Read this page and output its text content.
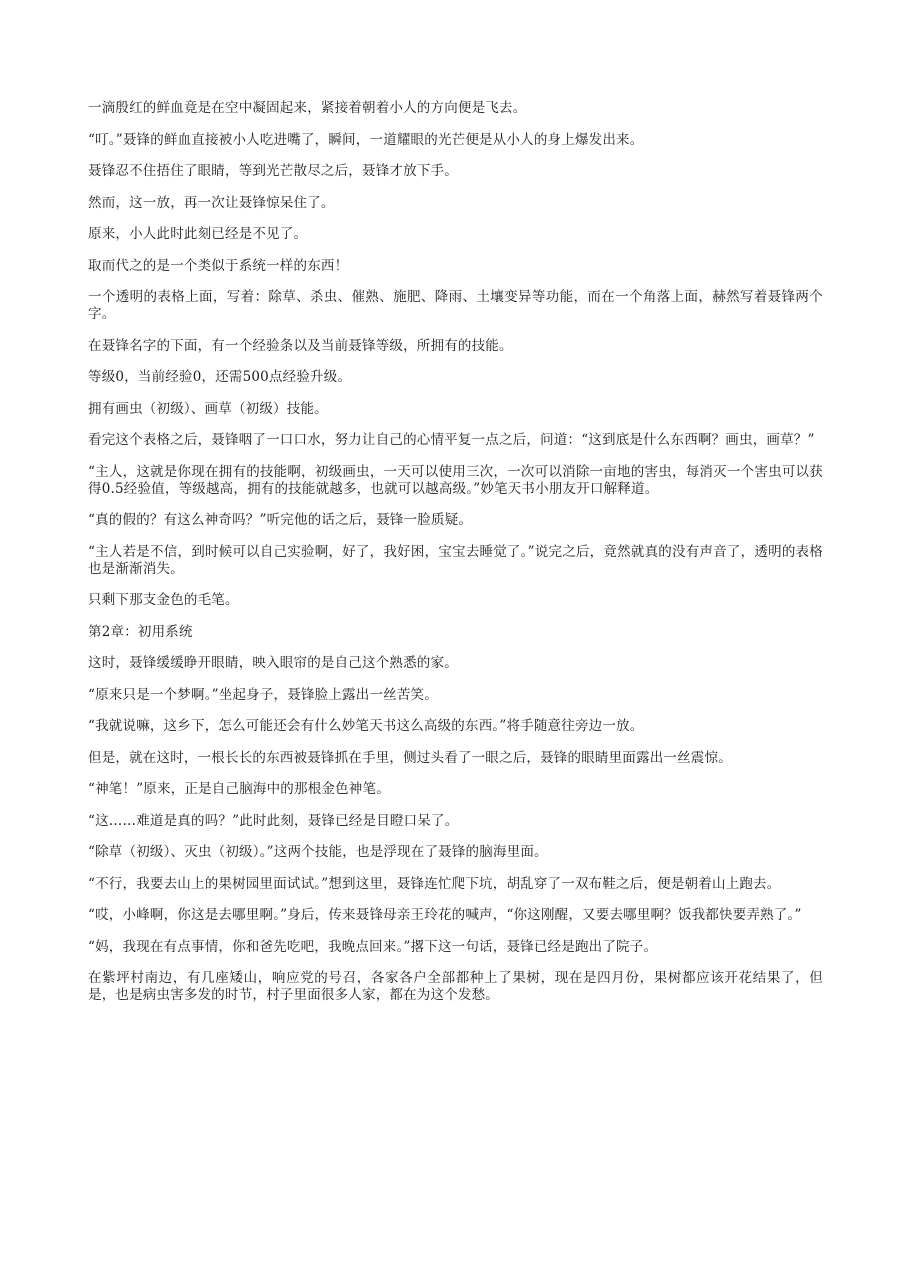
一滴殷红的鲜血竟是在空中凝固起来，紧接着朝着小人的方向便是飞去。

“叮。”聂锋的鲜血直接被小人吃进嘴了，瞬间，一道耀眼的光芒便是从小人的身上爆发出来。

聂锋忍不住捂住了眼睛，等到光芒散尽之后，聂锋才放下手。

然而，这一放，再一次让聂锋惊呆住了。

原来，小人此时此刻已经是不见了。

取而代之的是一个类似于系统一样的东西！

一个透明的表格上面，写着：除草、杀虫、催熟、施肥、降雨、土壤变异等功能，而在一个角落上面，赫然写着聂锋两个字。

在聂锋名字的下面，有一个经验条以及当前聂锋等级，所拥有的技能。

等级0，当前经验0，还需500点经验升级。

拥有画虫（初级）、画草（初级）技能。

看完这个表格之后，聂锋咽了一口口水，努力让自己的心情平复一点之后，问道：“这到底是什么东西啊？画虫，画草？”

“主人，这就是你现在拥有的技能啊，初级画虫，一天可以使用三次，一次可以消除一亩地的害虫，每消灭一个害虫可以获得0.5经验值，等级越高，拥有的技能就越多，也就可以越高级。”妙笔天书小朋友开口解释道。

“真的假的？有这么神奇吗？”听完他的话之后，聂锋一脸质疑。

“主人若是不信，到时候可以自己实验啊，好了，我好困，宝宝去睡觉了。”说完之后，竟然就真的没有声音了，透明的表格也是渐渐消失。

只剩下那支金色的毛笔。

第2章：初用系统

这时，聂锋缓缓睁开眼睛，映入眼帘的是自己这个熟悉的家。

“原来只是一个梦啊。”坐起身子，聂锋脸上露出一丝苦笑。

“我就说嘛，这乡下，怎么可能还会有什么妙笔天书这么高级的东西。”将手随意往旁边一放。

但是，就在这时，一根长长的东西被聂锋抓在手里，侧过头看了一眼之后，聂锋的眼睛里面露出一丝震惊。

“神笔！”原来，正是自己脑海中的那根金色神笔。

“这……难道是真的吗？”此时此刻，聂锋已经是目瞪口呆了。

“除草（初级）、灭虫（初级）。”这两个技能，也是浮现在了聂锋的脑海里面。

“不行，我要去山上的果树园里面试试。”想到这里，聂锋连忙爬下坑，胡乱穿了一双布鞋之后，便是朝着山上跑去。

“哎，小峰啊，你这是去哪里啊。”身后，传来聂锋母亲王玲花的喊声，“你这刚醒，又要去哪里啊？饭我都快要弄熟了。”

“妈，我现在有点事情，你和爸先吃吧，我晚点回来。”撂下这一句话，聂锋已经是跑出了院子。

在紫坪村南边，有几座矮山，响应党的号召，各家各户全部都种上了果树，现在是四月份，果树都应该开花结果了，但是，也是病虫害多发的时节，村子里面很多人家，都在为这个发愁。
